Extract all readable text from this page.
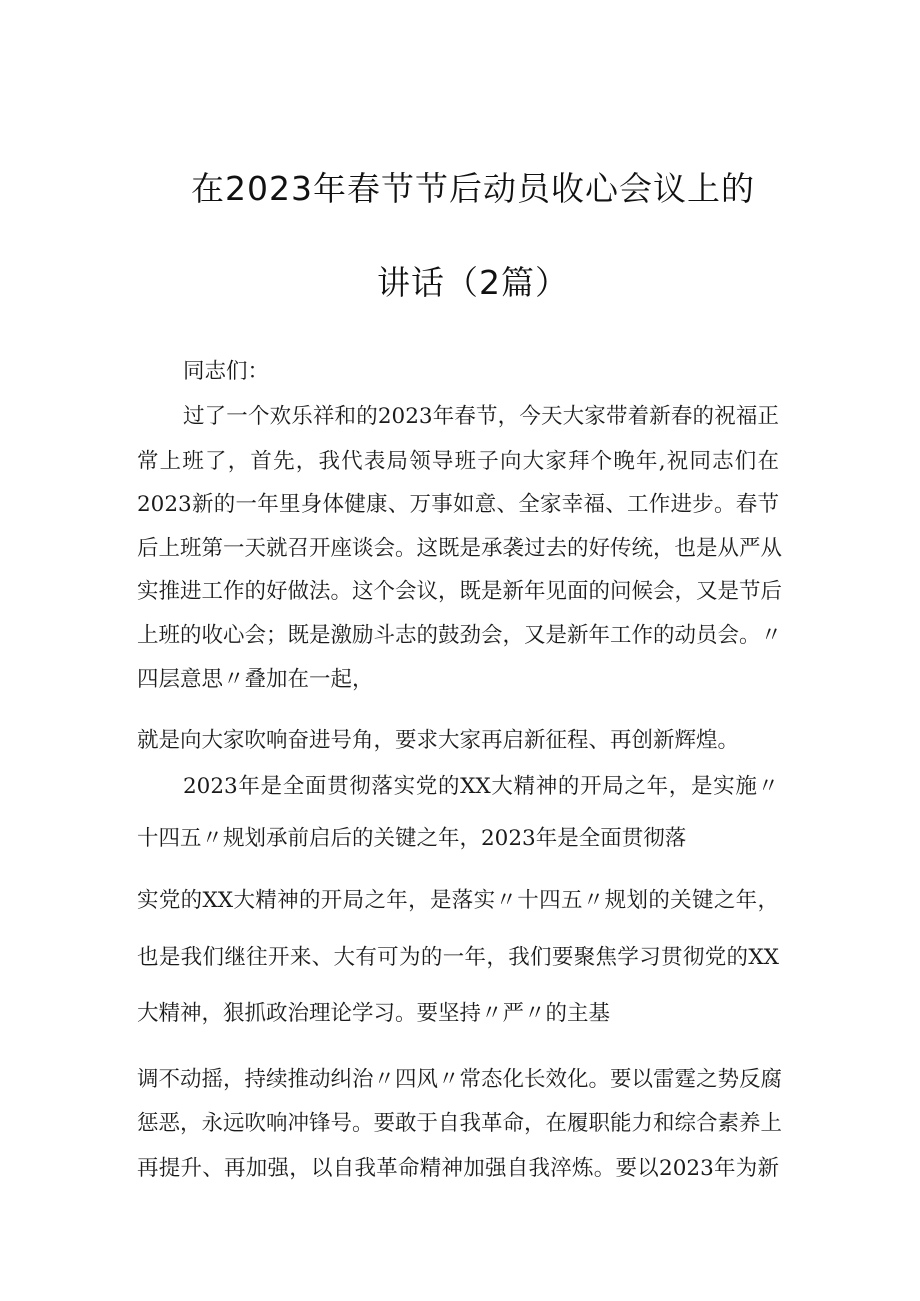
在2023年春节节后动员收心会议上的
讲话（2篇）
同志们：
过了一个欢乐祥和的2023年春节，今天大家带着新春的祝福正
常上班了，首先，我代表局领导班子向大家拜个晚年,祝同志们在
2023新的一年里身体健康、万事如意、全家幸福、工作进步。春节
后上班第一天就召开座谈会。这既是承袭过去的好传统，也是从严从
实推进工作的好做法。这个会议，既是新年见面的问候会，又是节后
上班的收心会；既是激励斗志的鼓劲会，又是新年工作的动员会。〃
四层意思〃叠加在一起，
就是向大家吹响奋进号角，要求大家再启新征程、再创新辉煌。
2023年是全面贯彻落实党的XX大精神的开局之年，是实施〃
十四五〃规划承前启后的关键之年，2023年是全面贯彻落
实党的XX大精神的开局之年，是落实〃十四五〃规划的关键之年，
也是我们继往开来、大有可为的一年，我们要聚焦学习贯彻党的XX
大精神，狠抓政治理论学习。要坚持〃严〃的主基
调不动摇，持续推动纠治〃四风〃常态化长效化。要以雷霆之势反腐
惩恶，永远吹响冲锋号。要敢于自我革命，在履职能力和综合素养上
再提升、再加强，以自我革命精神加强自我淬炼。要以2023年为新
